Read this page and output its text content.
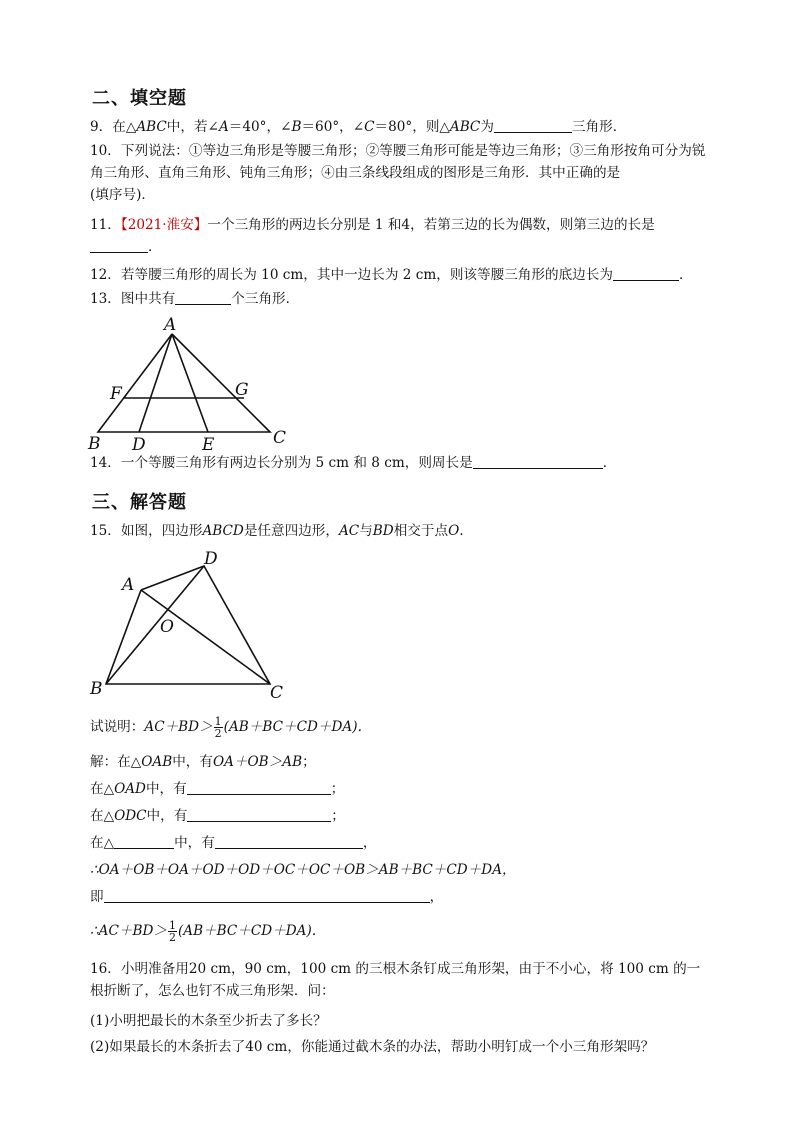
二、填空题
9．在△ABC中，若∠A＝40°，∠B＝60°，∠C＝80°，则△ABC为	三角形．
10．下列说法：①等边三角形是等腰三角形；②等腰三角形可能是等边三角形；③三角形按角可分为锐角三角形、直角三角形、钝角三角形；④由三条线段组成的图形是三角形．其中正确的是
(填序号)．
11．【2021·淮安】一个三角形的两边长分别是 1 和4，若第三边的长为偶数，则第三边的长是
．
12．若等腰三角形的周长为 10 cm，其中一边长为 2 cm，则该等腰三角形的底边长为	．
13．图中共有	个三角形．
A
B	C
D	E
F	G
14．一个等腰三角形有两边长分别为 5 cm 和 8 cm，则周长是	．
三、解答题
15．如图，四边形ABCD是任意四边形，AC与BD相交于点O.
A
B	C
D
O
试说明：$AC+BD> \frac{1}{2} (AB+BC+CD+DA)$．
解：在△OAB中，有OA＋OB＞AB；
在△OAD中，有	；
在△ODC中，有	；
在△	中，有	，
∴OA＋OB＋OA＋OD＋OD＋OC＋OC＋OB＞AB＋BC＋CD＋DA，
即	，
∴AC＋BD＞ $\frac{1}{2} (AB+BC+CD+DA)$．
16．小明准备用20 cm，90 cm，100 cm 的三根木条钉成三角形架，由于不小心，将 100 cm 的一根折断了，怎么也钉不成三角形架．问：
(1)小明把最长的木条至少折去了多长？
(2)如果最长的木条折去了40 cm，你能通过截木条的办法，帮助小明钉成一个小三角形架吗？
